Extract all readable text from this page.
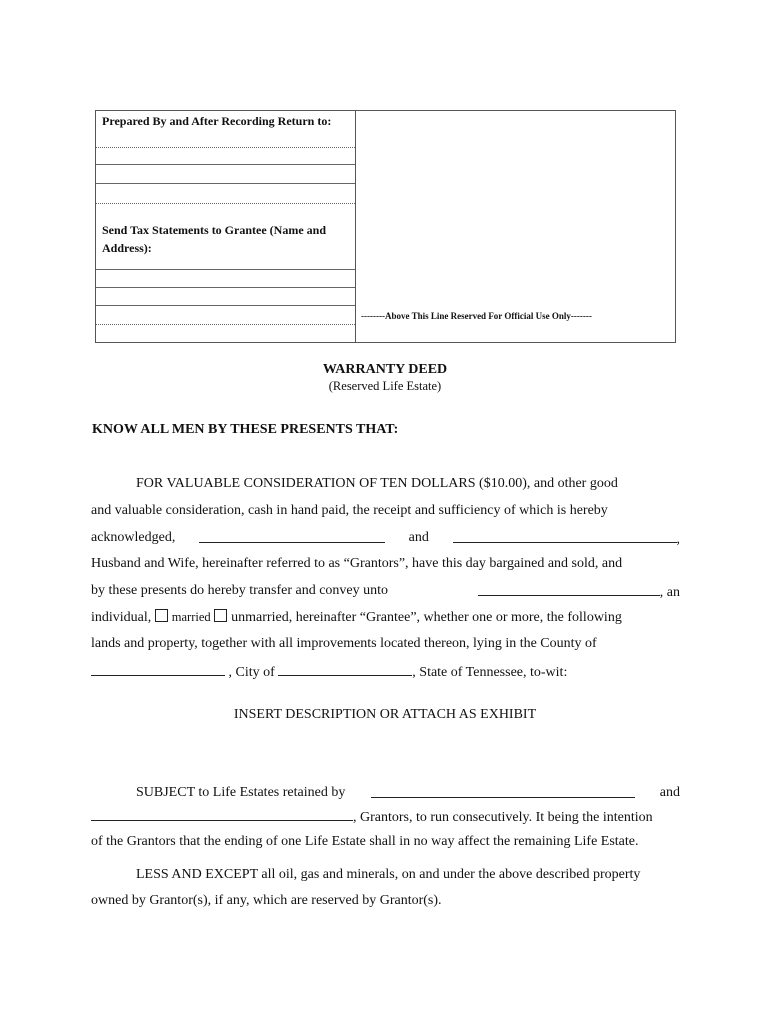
Prepared By and After Recording Return to:
Send Tax Statements to Grantee (Name and Address):
--------Above This Line Reserved For Official Use Only-------
WARRANTY DEED
(Reserved Life Estate)
KNOW ALL MEN BY THESE PRESENTS THAT:
FOR VALUABLE CONSIDERATION OF TEN DOLLARS ($10.00), and other good
and valuable consideration, cash in hand paid, the receipt and sufficiency of which is hereby
acknowledged,	and	,
Husband and Wife, hereinafter referred to as “Grantors”, have this day bargained and sold, and
by these presents do hereby transfer and convey unto	, an
individual, married unmarried, hereinafter “Grantee”, whether one or more, the following
lands and property, together with all improvements located thereon, lying in the County of
, City of	, State of Tennessee, to-wit:
INSERT DESCRIPTION OR ATTACH AS EXHIBIT
SUBJECT to Life Estates retained by	and
, Grantors, to run consecutively. It being the intention
of the Grantors that the ending of one Life Estate shall in no way affect the remaining Life Estate.
LESS AND EXCEPT all oil, gas and minerals, on and under the above described property
owned by Grantor(s), if any, which are reserved by Grantor(s).
